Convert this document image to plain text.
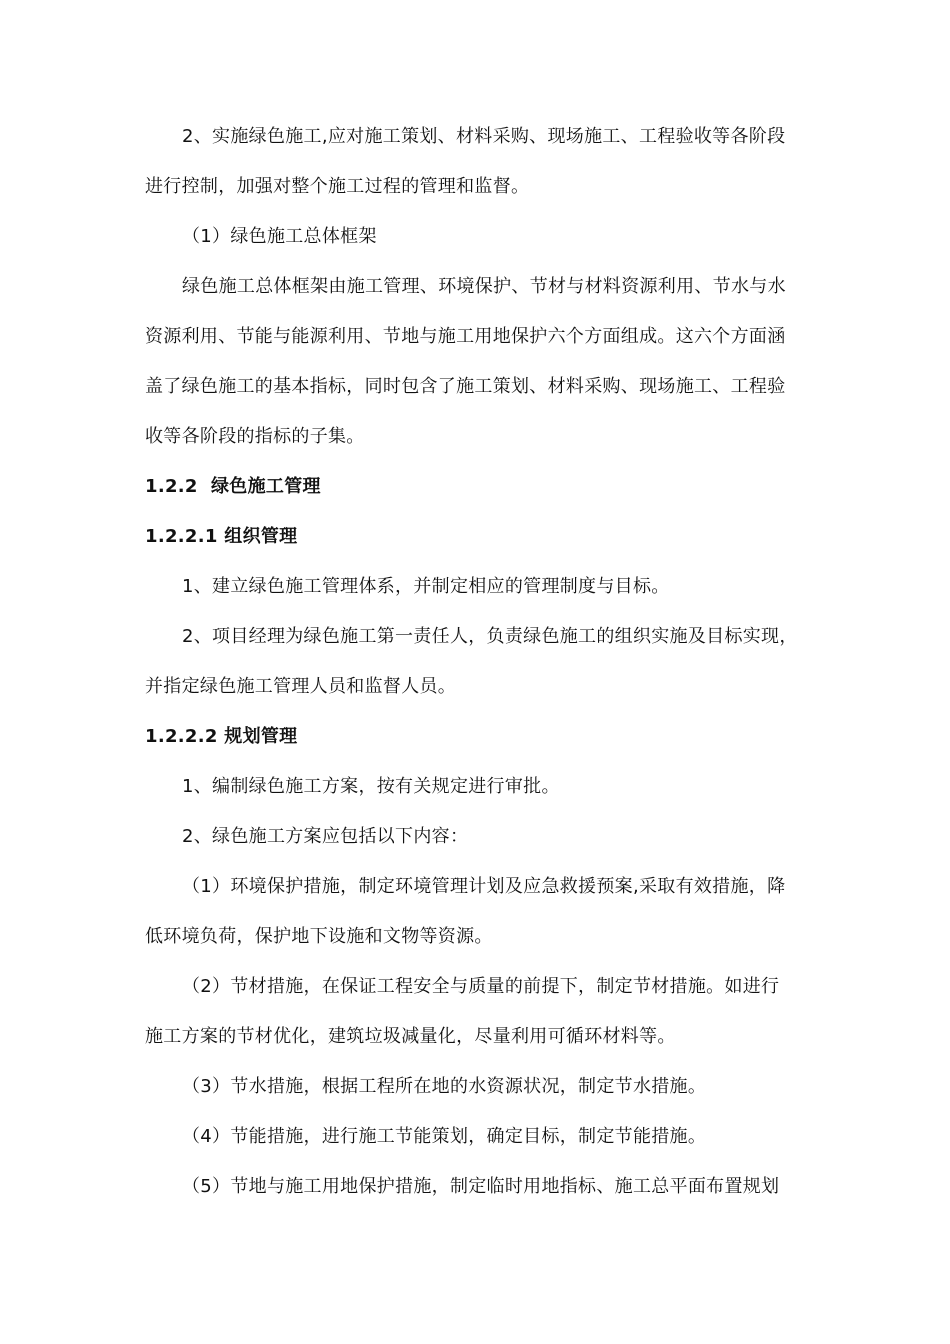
2、实施绿色施工,应对施工策划、材料采购、现场施工、工程验收等各阶段
进行控制，加强对整个施工过程的管理和监督。
（1）绿色施工总体框架
绿色施工总体框架由施工管理、环境保护、节材与材料资源利用、节水与水
资源利用、节能与能源利用、节地与施工用地保护六个方面组成。这六个方面涵
盖了绿色施工的基本指标，同时包含了施工策划、材料采购、现场施工、工程验
收等各阶段的指标的子集。
1.2.2 绿色施工管理
1.2.2.1 组织管理
1、建立绿色施工管理体系，并制定相应的管理制度与目标。
2、项目经理为绿色施工第一责任人，负责绿色施工的组织实施及目标实现，
并指定绿色施工管理人员和监督人员。
1.2.2.2 规划管理
1、编制绿色施工方案，按有关规定进行审批。
2、绿色施工方案应包括以下内容：
（1）环境保护措施，制定环境管理计划及应急救援预案,采取有效措施，降
低环境负荷，保护地下设施和文物等资源。
（2）节材措施，在保证工程安全与质量的前提下，制定节材措施。如进行
施工方案的节材优化，建筑垃圾减量化，尽量利用可循环材料等。
（3）节水措施，根据工程所在地的水资源状况，制定节水措施。
（4）节能措施，进行施工节能策划，确定目标，制定节能措施。
（5）节地与施工用地保护措施，制定临时用地指标、施工总平面布置规划
